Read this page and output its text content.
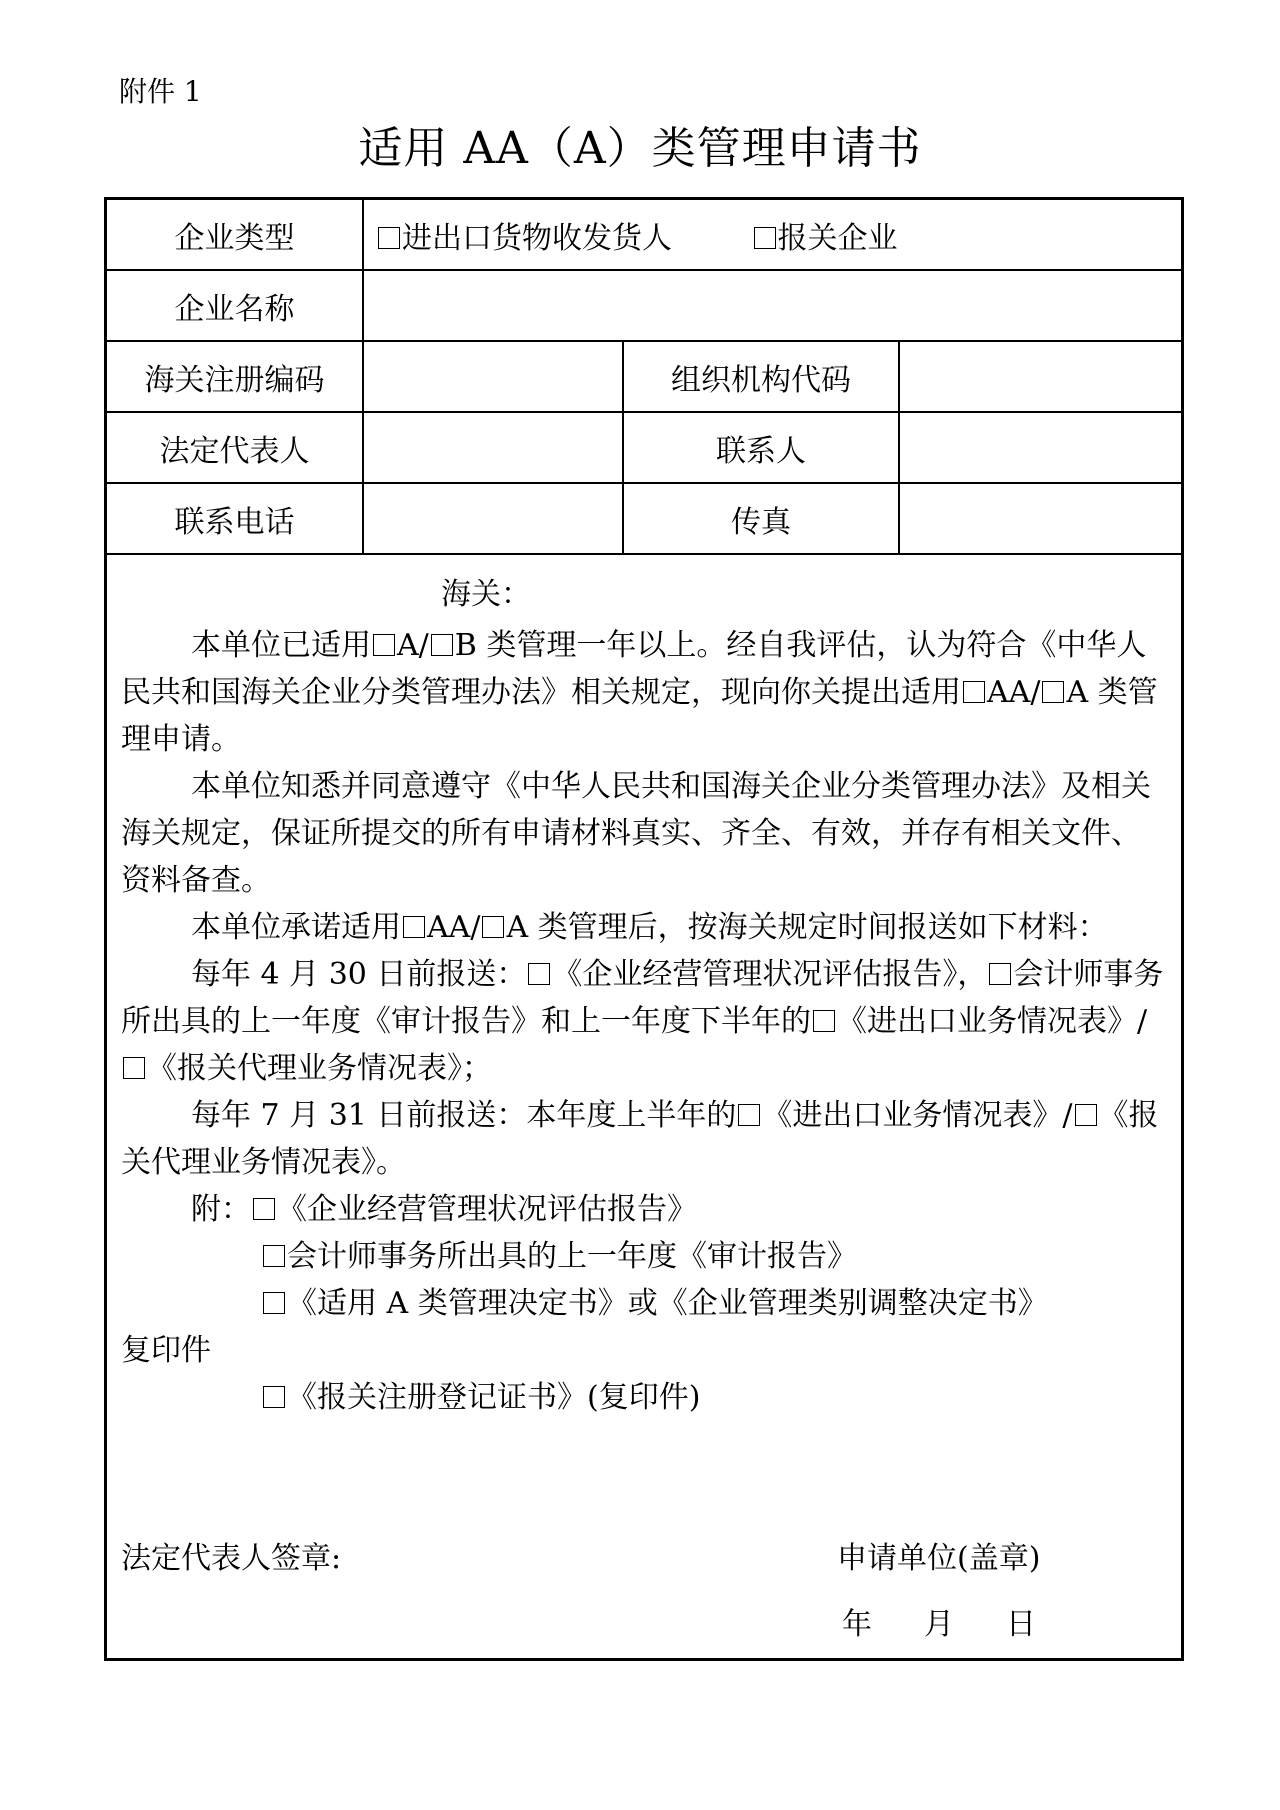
附件 1
适用 AA（A）类管理申请书
企业类型	进出口货物收发货人 报关企业		
企业名称			
海关注册编码		组织机构代码	
法定代表人		联系人	
联系电话		传真	

海关：

本单位已适用 A/ B 类管理一年以上。经自我评估，认为符合《中华人民共和国海关企业分类管理办法》相关规定，现向你关提出适用 AA/ A 类管理申请。

本单位知悉并同意遵守《中华人民共和国海关企业分类管理办法》及相关海关规定，保证所提交的所有申请材料真实、齐全、有效，并存有相关文件、资料备查。

本单位承诺适用 AA/ A 类管理后，按海关规定时间报送如下材料：

每年 4 月 30 日前报送： 《企业经营管理状况评估报告》， 会计师事务所出具的上一年度《审计报告》和上一年度下半年的 《进出口业务情况表》/《报关代理业务情况表》；

每年 7 月 31 日前报送：本年度上半年的 《进出口业务情况表》/ 《报关代理业务情况表》。

附： 《企业经营管理状况评估报告》

会计师事务所出具的上一年度《审计报告》

《适用 A 类管理决定书》或《企业管理类别调整决定书》

复印件

《报关注册登记证书》(复印件)

法定代表人签章:	申请单位(盖章)
年 月 日
